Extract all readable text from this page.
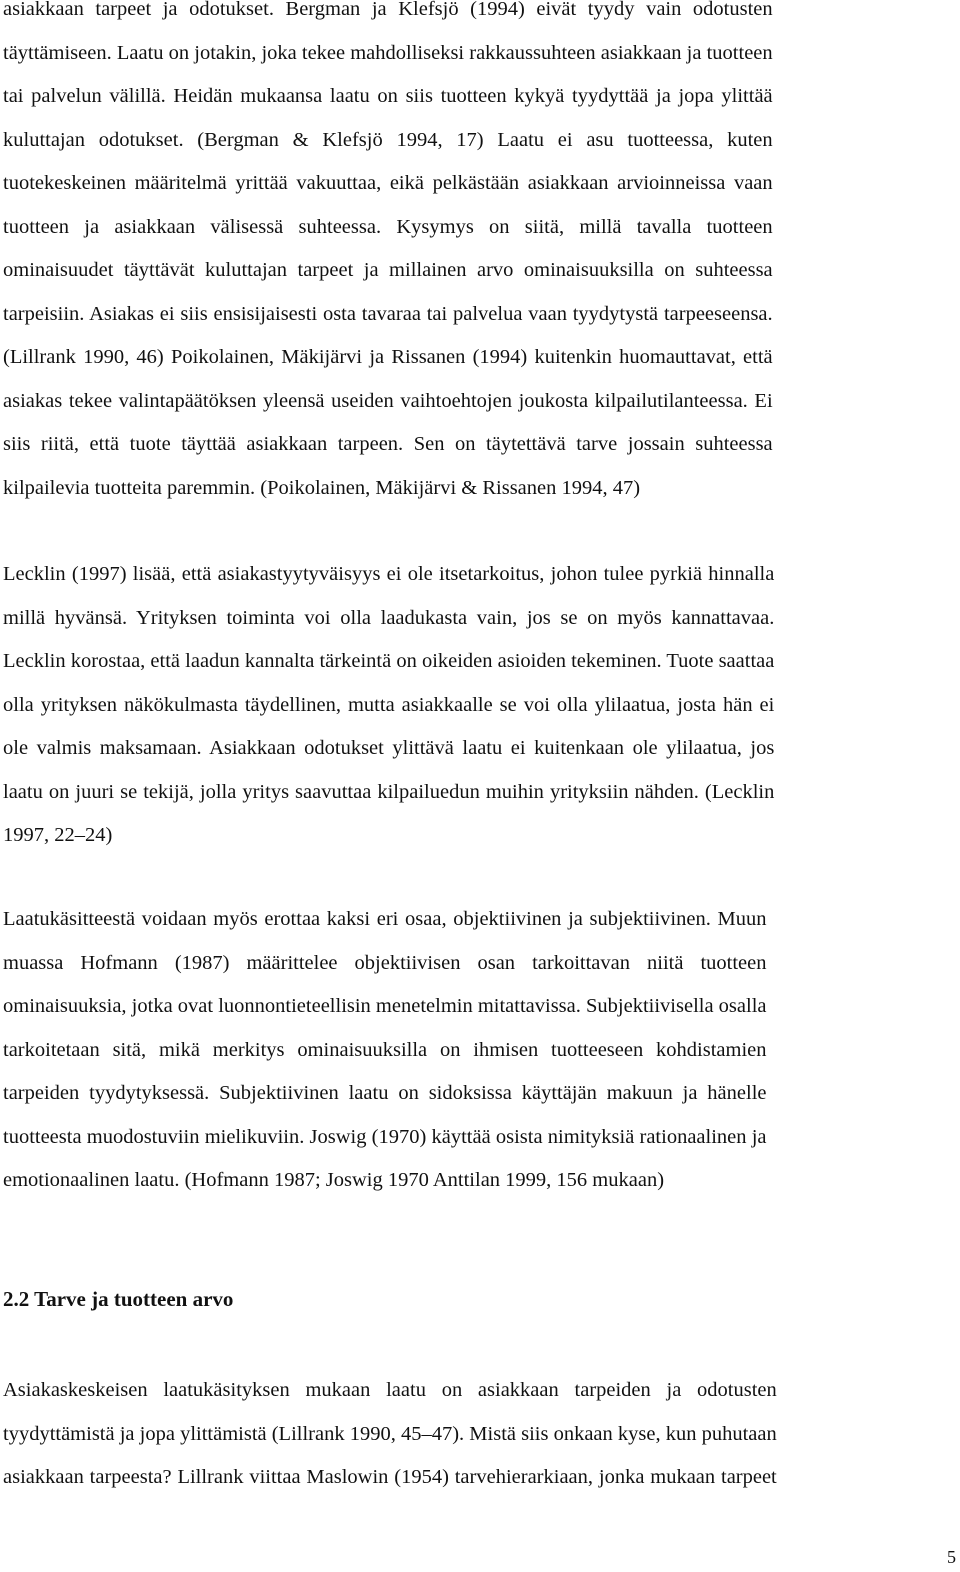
asiakkaan tarpeet ja odotukset. Bergman ja Klefsjö (1994) eivät tyydy vain odotusten
täyttämiseen. Laatu on jotakin, joka tekee mahdolliseksi rakkaussuhteen asiakkaan ja tuotteen
tai palvelun välillä. Heidän mukaansa laatu on siis tuotteen kykyä tyydyttää ja jopa ylittää
kuluttajan odotukset. (Bergman & Klefsjö 1994, 17) Laatu ei asu tuotteessa, kuten
tuotekeskeinen määritelmä yrittää vakuuttaa, eikä pelkästään asiakkaan arvioinneissa vaan
tuotteen ja asiakkaan välisessä suhteessa. Kysymys on siitä, millä tavalla tuotteen
ominaisuudet täyttävät kuluttajan tarpeet ja millainen arvo ominaisuuksilla on suhteessa
tarpeisiin. Asiakas ei siis ensisijaisesti osta tavaraa tai palvelua vaan tyydytystä tarpeeseensa.
(Lillrank 1990, 46) Poikolainen, Mäkijärvi ja Rissanen (1994) kuitenkin huomauttavat, että
asiakas tekee valintapäätöksen yleensä useiden vaihtoehtojen joukosta kilpailutilanteessa. Ei
siis riitä, että tuote täyttää asiakkaan tarpeen. Sen on täytettävä tarve jossain suhteessa
kilpailevia tuotteita paremmin. (Poikolainen, Mäkijärvi & Rissanen 1994, 47)
Lecklin (1997) lisää, että asiakastyytyväisyys ei ole itsetarkoitus, johon tulee pyrkiä hinnalla
millä hyvänsä. Yrityksen toiminta voi olla laadukasta vain, jos se on myös kannattavaa.
Lecklin korostaa, että laadun kannalta tärkeintä on oikeiden asioiden tekeminen. Tuote saattaa
olla yrityksen näkökulmasta täydellinen, mutta asiakkaalle se voi olla ylilaatua, josta hän ei
ole valmis maksamaan. Asiakkaan odotukset ylittävä laatu ei kuitenkaan ole ylilaatua, jos
laatu on juuri se tekijä, jolla yritys saavuttaa kilpailuedun muihin yrityksiin nähden. (Lecklin
1997, 22–24)
Laatukäsitteestä voidaan myös erottaa kaksi eri osaa, objektiivinen ja subjektiivinen. Muun
muassa Hofmann (1987) määrittelee objektiivisen osan tarkoittavan niitä tuotteen
ominaisuuksia, jotka ovat luonnontieteellisin menetelmin mitattavissa. Subjektiivisella osalla
tarkoitetaan sitä, mikä merkitys ominaisuuksilla on ihmisen tuotteeseen kohdistamien
tarpeiden tyydytyksessä. Subjektiivinen laatu on sidoksissa käyttäjän makuun ja hänelle
tuotteesta muodostuviin mielikuviin. Joswig (1970) käyttää osista nimityksiä rationaalinen ja
emotionaalinen laatu. (Hofmann 1987; Joswig 1970 Anttilan 1999, 156 mukaan)
2.2 Tarve ja tuotteen arvo
Asiakaskeskeisen laatukäsityksen mukaan laatu on asiakkaan tarpeiden ja odotusten
tyydyttämistä ja jopa ylittämistä (Lillrank 1990, 45–47). Mistä siis onkaan kyse, kun puhutaan
asiakkaan tarpeesta? Lillrank viittaa Maslowin (1954) tarvehierarkiaan, jonka mukaan tarpeet
5
